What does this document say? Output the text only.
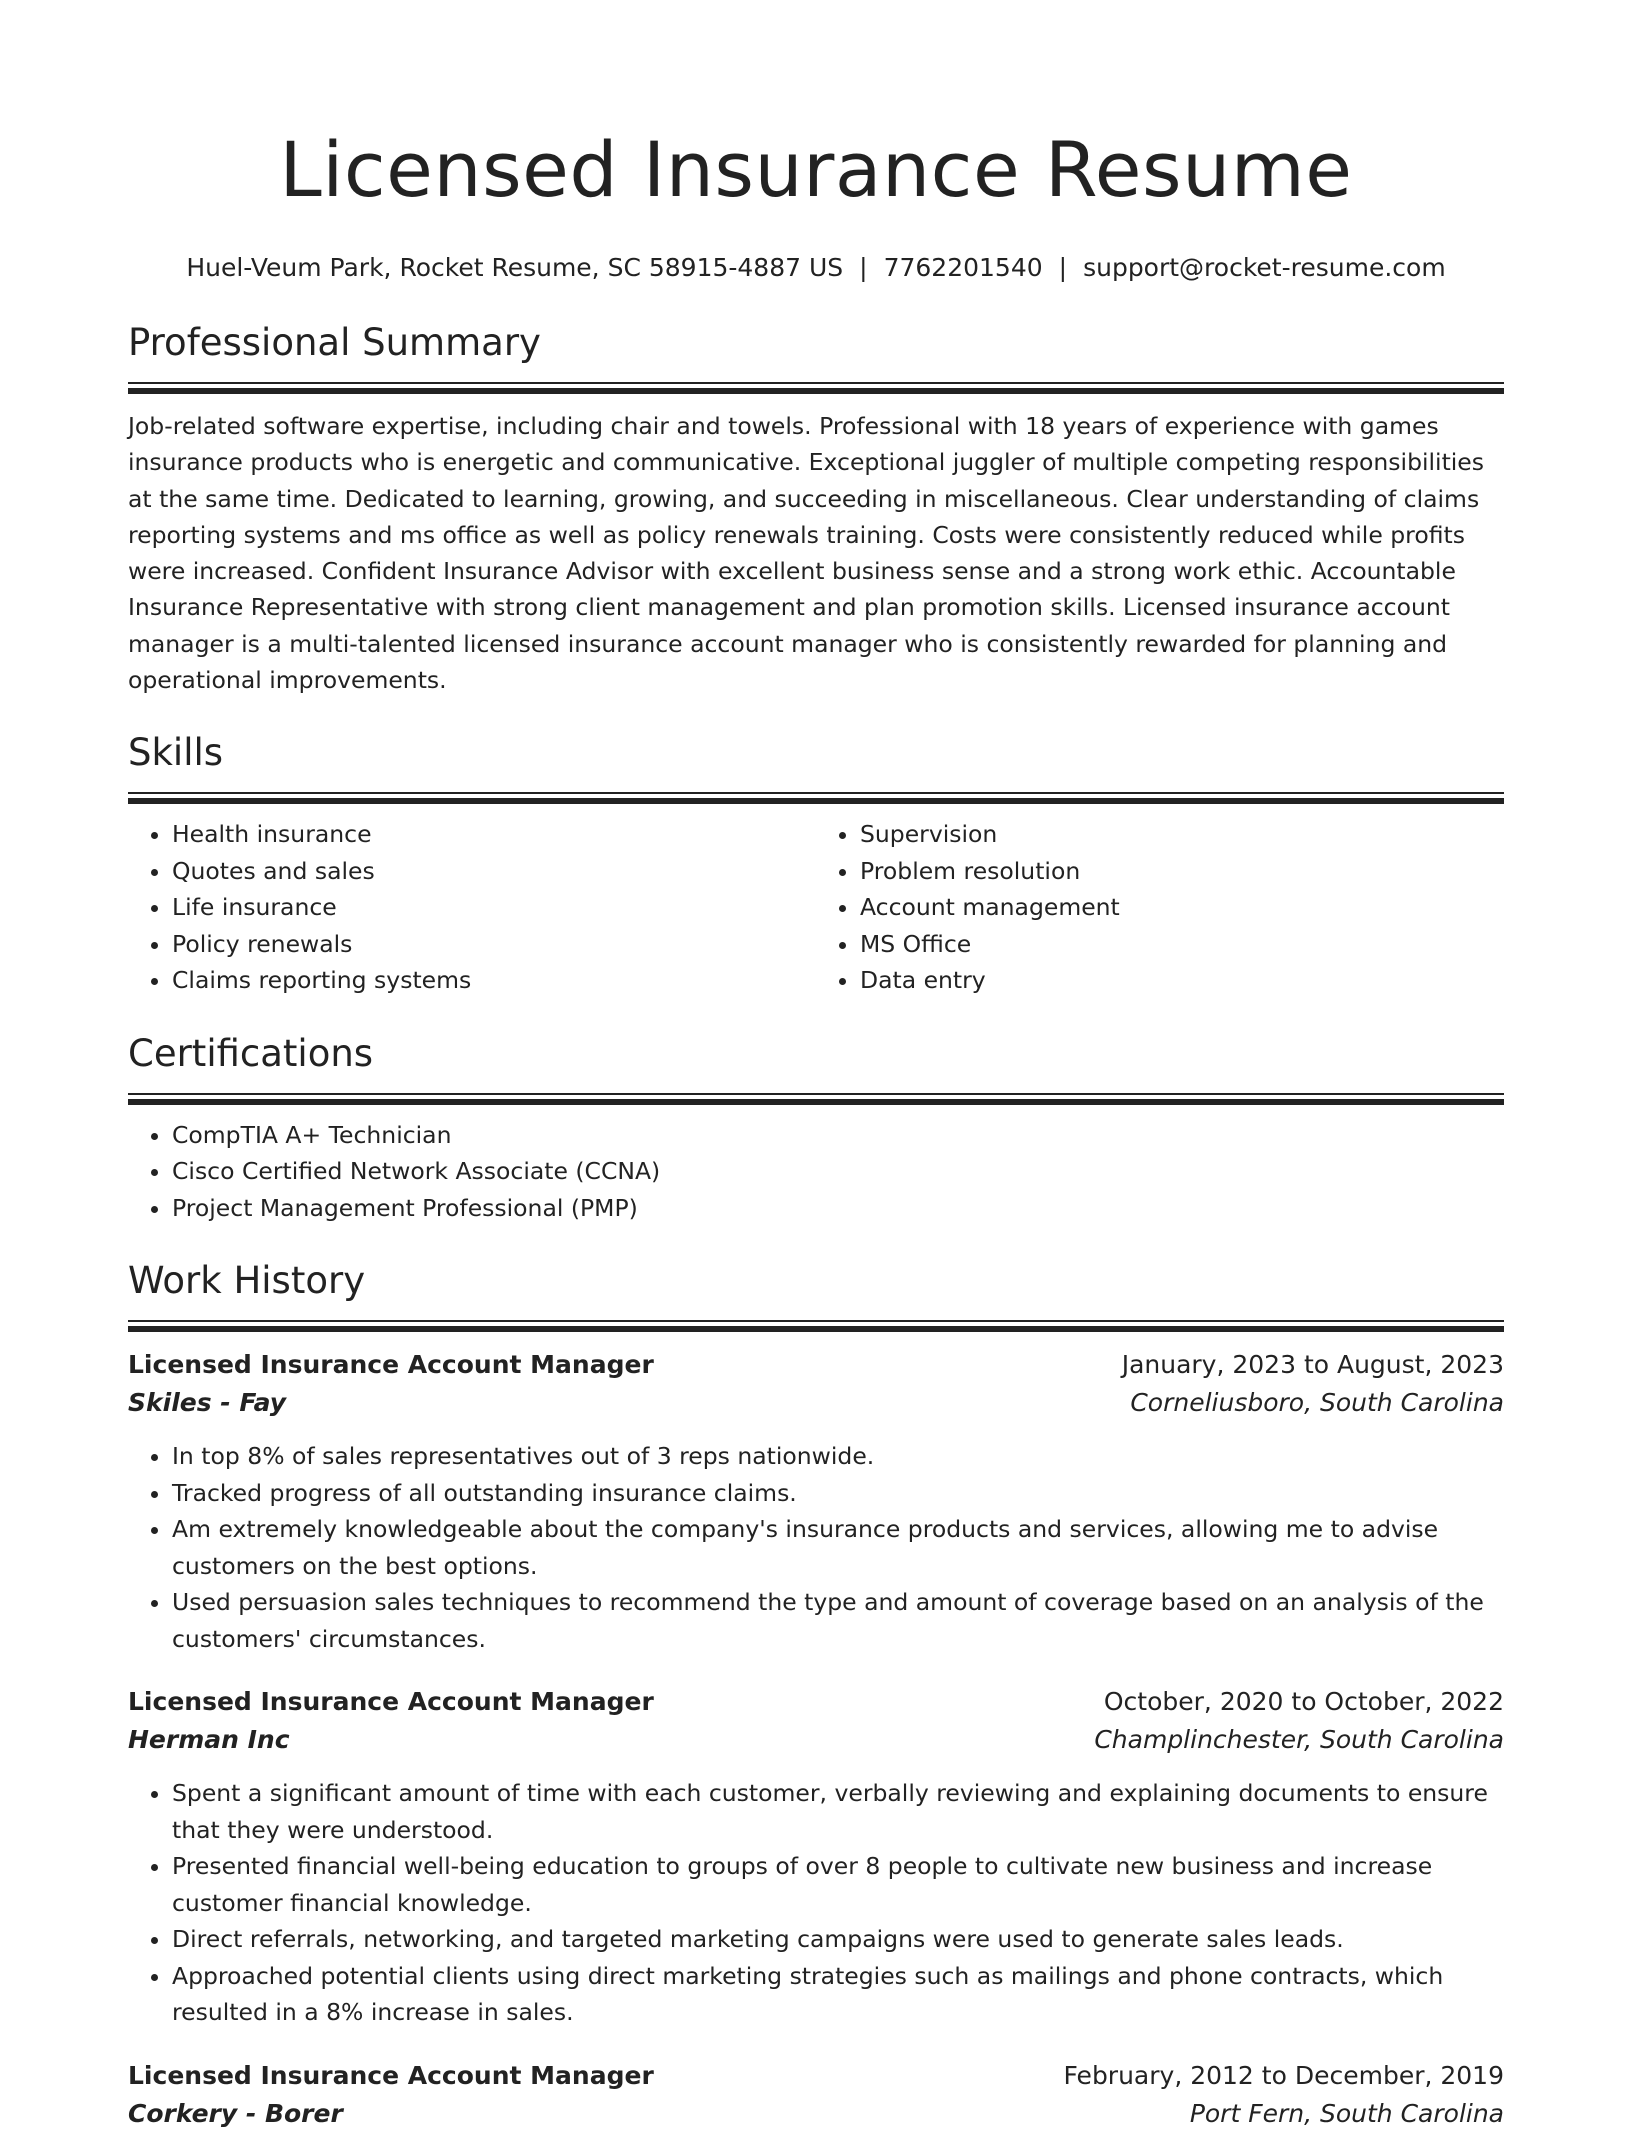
Licensed Insurance Resume
Huel-Veum Park, Rocket Resume, SC 58915-4887 US | 7762201540 | support@rocket-resume.com
Professional Summary

Job-related software expertise, including chair and towels. Professional with 18 years of experience with games insurance products who is energetic and communicative. Exceptional juggler of multiple competing responsibilities at the same time. Dedicated to learning, growing, and succeeding in miscellaneous. Clear understanding of claims reporting systems and ms office as well as policy renewals training. Costs were consistently reduced while profits were increased. Confident Insurance Advisor with excellent business sense and a strong work ethic. Accountable Insurance Representative with strong client management and plan promotion skills. Licensed insurance account manager is a multi-talented licensed insurance account manager who is consistently rewarded for planning and operational improvements.

Skills
• Health insurance
• Quotes and sales
• Life insurance
• Policy renewals
• Claims reporting systems
• Supervision
• Problem resolution
• Account management
• MS Office
• Data entry
Certifications
• CompTIA A+ Technician
• Cisco Certified Network Associate (CCNA)
• Project Management Professional (PMP)
Work History
Licensed Insurance Account Manager	January, 2023 to August, 2023
Skiles - Fay	Corneliusboro, South Carolina
• In top 8% of sales representatives out of 3 reps nationwide.
• Tracked progress of all outstanding insurance claims.
• Am extremely knowledgeable about the company's insurance products and services, allowing me to advise customers on the best options.
• Used persuasion sales techniques to recommend the type and amount of coverage based on an analysis of the customers' circumstances.
Licensed Insurance Account Manager	October, 2020 to October, 2022
Herman Inc	Champlinchester, South Carolina
• Spent a significant amount of time with each customer, verbally reviewing and explaining documents to ensure that they were understood.
• Presented financial well-being education to groups of over 8 people to cultivate new business and increase customer financial knowledge.
• Direct referrals, networking, and targeted marketing campaigns were used to generate sales leads.
• Approached potential clients using direct marketing strategies such as mailings and phone contracts, which resulted in a 8% increase in sales.
Licensed Insurance Account Manager	February, 2012 to December, 2019
Corkery - Borer	Port Fern, South Carolina
